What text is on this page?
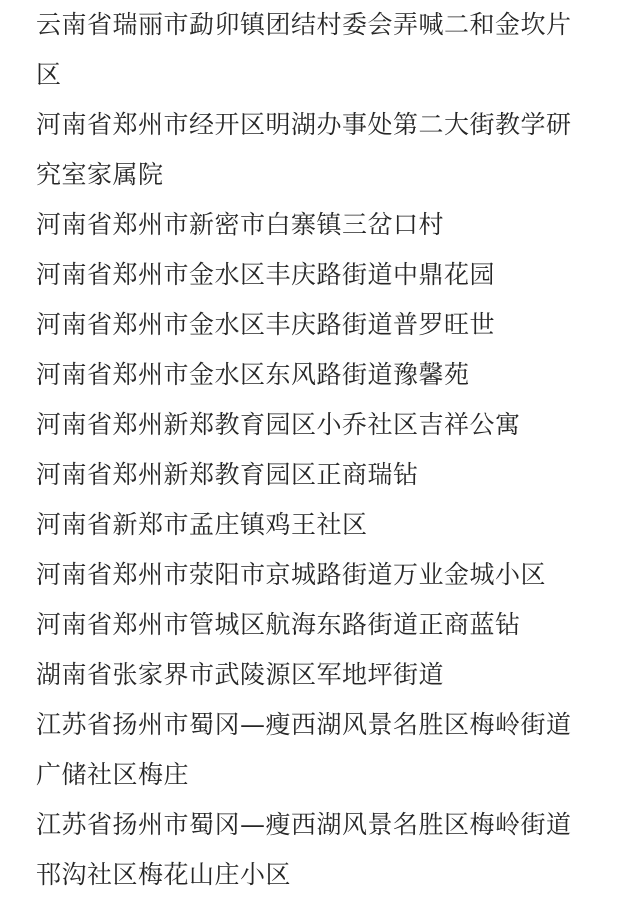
云南省瑞丽市勐卯镇团结村委会弄喊二和金坎片
区
河南省郑州市经开区明湖办事处第二大街教学研
究室家属院
河南省郑州市新密市白寨镇三岔口村
河南省郑州市金水区丰庆路街道中鼎花园
河南省郑州市金水区丰庆路街道普罗旺世
河南省郑州市金水区东风路街道豫馨苑
河南省郑州新郑教育园区小乔社区吉祥公寓
河南省郑州新郑教育园区正商瑞钻
河南省新郑市孟庄镇鸡王社区
河南省郑州市荥阳市京城路街道万业金城小区
河南省郑州市管城区航海东路街道正商蓝钻
湖南省张家界市武陵源区军地坪街道
江苏省扬州市蜀冈—瘦西湖风景名胜区梅岭街道
广储社区梅庄
江苏省扬州市蜀冈—瘦西湖风景名胜区梅岭街道
邗沟社区梅花山庄小区
